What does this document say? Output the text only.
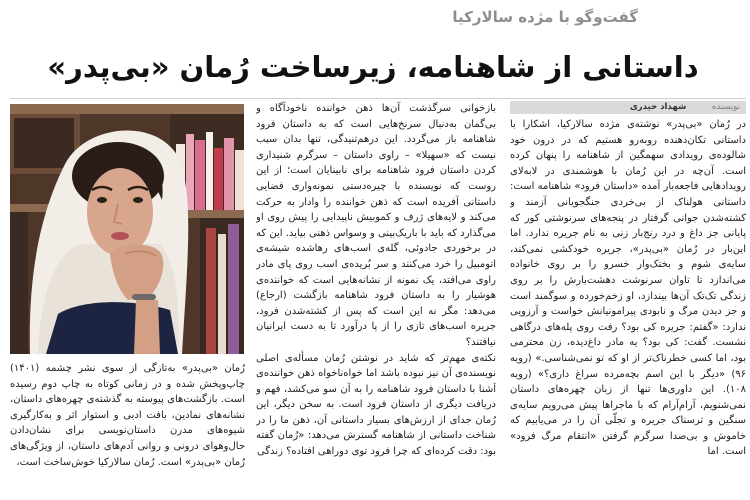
گفت‌وگو با مژده سالارکیا
داستانی از شاهنامه، زیرساخت رُمان «بی‌پدر»

رُمان «بی‌پدر» به‌تازگی از سوی نشر چشمه (۱۴۰۱) چاپ‌وپخش شده و در زمانی کوتاه به چاپ دوم رسیده است. بازگشت‌های پیوسته به گذشته‌ی چهره‌های داستان، نشانه‌های نمادین، بافت ادبی و استوار اثر و به‌کارگیری شیوه‌های مدرن داستان‌نویسی برای نشان‌دادن حال‌وهوای درونی و روانی آدم‌های داستان، از ویژگی‌های رُمان «بی‌پدر» است. رُمان سالارکیا خوش‌ساخت است،

بازخوانی سرگذشت آن‌ها ذهن خواننده ناخودآگاه و بی‌گمان به‌دنبال سرنخ‌هایی است که به داستان فرود شاهنامه باز می‌گردد. این درهم‌تنیدگی، تنها بدان سبب نیست که «سهیلا» – راوی داستان – سرگرم شنیداری کردن داستان فرود شاهنامه برای نابینایان است؛ از این روست که نویسنده با چیره‌دستی نمونه‌واری فضایی داستانی آفریده است که ذهن خواننده را وادار به حرکت می‌کند و لایه‌های ژرف و کموبیش ناپیدایی را پیش روی او می‌گذارد که باید با باریک‌بینی و وسواس ذهنی بیاید. این که در برخوردی جادوئی، گله‌ی اسب‌های رهاشده شیشه‌ی اتومبیل را خرد می‌کنند و سر بُریده‌ی اسب روی پای مادر راوی می‌افتد، یک نمونه از نشانه‌هایی است که خواننده‌ی هوشیار را به داستان فرود شاهنامه بازگشت (ارجاع) می‌دهد: مگر نه این است که پس از کشته‌شدن فرود، جریره اسب‌های تازی را از پا درآورد تا به دست ایرانیان نیافتند؟

نکته‌ی مهم‌تر که شاید در نوشتن رُمان مسأله‌ی اصلی نویسنده‌ی آن نیز نبوده باشد اما خواه‌ناخواه ذهن خواننده‌ی آشنا با داستان فرود شاهنامه را به آن سو می‌کشد، فهم و دریافت دیگری از داستان فرود است. به سخن دیگر، این رُمان جدای از ارزش‌های بسیار داستانی آن، ذهن ما را در شناخت داستانی از شاهنامه گسترش می‌دهد: «رُمان گفته بود: دقت کرده‌ای که چرا فرود توی دوراهی افتاده؟ زندگی

نویسنده
شهداد حیدری

در رُمان «بی‌پدر» نوشته‌ی مژده سالارکیا، اشکارا با داستانی تکان‌دهنده روبه‌رو هستیم که در درون خود شالوده‌ی رویدادی سهمگین از شاهنامه را پنهان کرده است. آن‌چه در این رُمان با هوشمندی در لابه‌لای رویدادهایی فاجعه‌بار آمده «داستان فرود» شاهنامه است: داستانی هولناک از بی‌خردی جنگجویانی آزمند و کشته‌شدن جوانی گرفتار در پنجه‌های سرنوشتی کور که پایانی جز داغ و درد رنج‌بار زنی به نام جریره ندارد. اما این‌بار در رُمان «بی‌پدر»، جریره خودکشی نمی‌کند، سایه‌ی شوم و بختک‌وار خسرو را بر روی خانواده می‌اندازد تا تاوان سرنوشت دهشت‌بارش را بر روی زندگی تک‌تک آن‌ها بیندازد، او زخم‌خورده و سوگمند است و جز دیدن مرگ و نابودی پیرامونیانش خواست و آرزویی ندارد: «گفتم: جریره کی بود؟ رفت روی پله‌های درگاهی نشست. گفت: کی بود؟ یه مادر داغ‌دیده، زن محترمی بود، اما کسی خطرناک‌تر از او که تو نمی‌شناسی.» (رویه ۹۶) «دیگر با این اسم بچه‌مرده سراغ داری؟» (رویه ۱۰۸). این داوری‌ها تنها از زبان چهره‌های داستان نمی‌شنویم، آرام‌آرام که با ماجراها پیش می‌رویم سایه‌ی سنگین و ترسناک جریره و تجلّی آن را در می‌یابیم که خاموش و بی‌صدا سرگرم گرفتن «انتقام مرگ فرود» است. اما
